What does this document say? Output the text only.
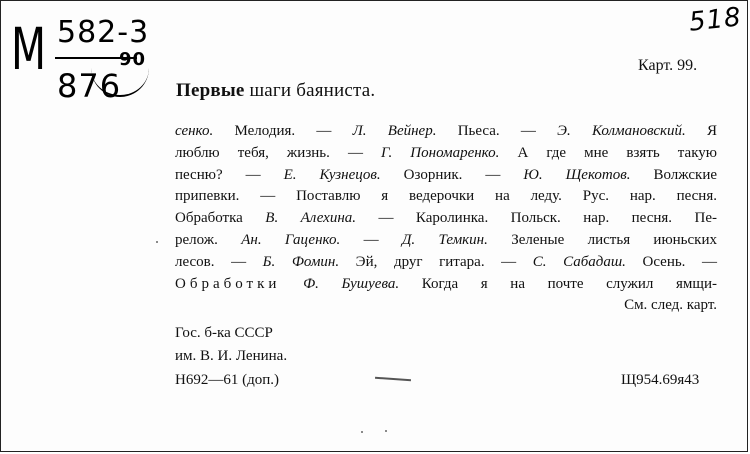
М 582-3
876
90
518
Карт. 99.
Первые шаги баяниста.
сенко. Мелодия. — Л. Вейнер. Пьеса. — Э. Колмановский. Я
люблю тебя, жизнь. — Г. Пономаренко. А где мне взять такую
песню? — Е. Кузнецов. Озорник. — Ю. Щекотов. Волжские
припевки. — Поставлю я ведерочки на леду. Рус. нар. песня.
Обработка В. Алехина. — Каролинка. Польск. нар. песня. Пе-
релож. Ан. Гаценко. — Д. Темкин. Зеленые листья июньских
лесов. — Б. Фомин. Эй, друг гитара. — С. Сабадаш. Осень. —
Обработки Ф. Бушуева. Когда я на почте служил ямщи-
См. след. карт.
Гос. б-ка СССР
им. В. И. Ленина.
Н692—61 (доп.)	Щ954.69я43
